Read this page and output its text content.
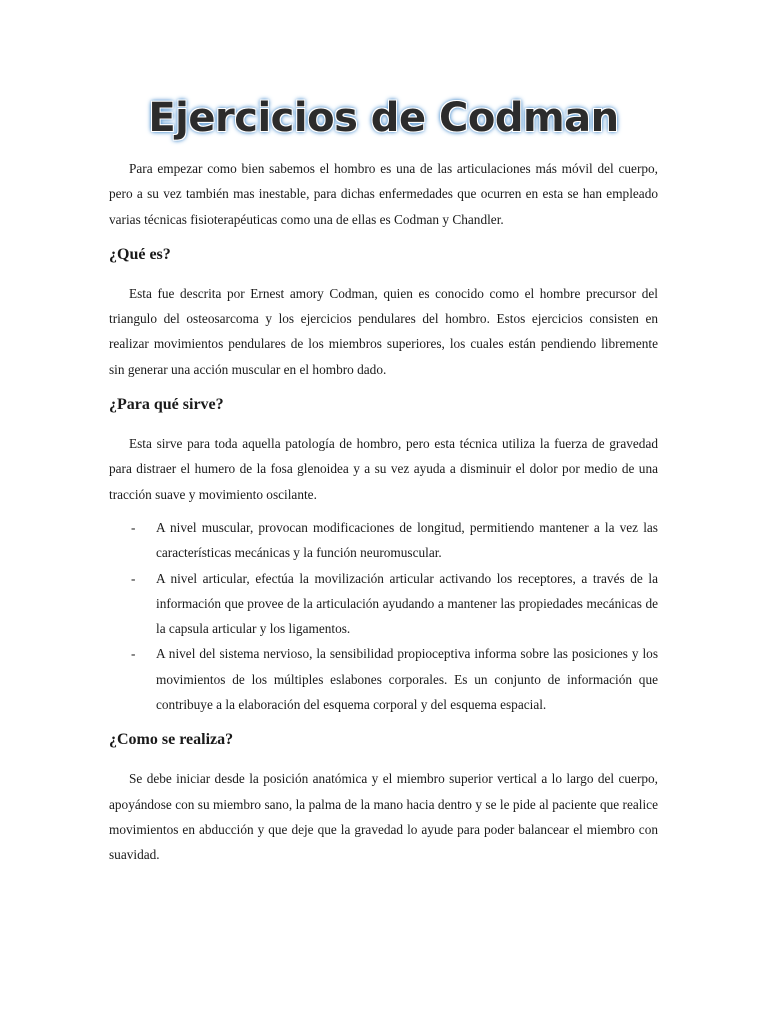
Ejercicios de Codman

Para empezar como bien sabemos el hombro es una de las articulaciones más móvil del cuerpo, pero a su vez también mas inestable, para dichas enfermedades que ocurren en esta se han empleado varias técnicas fisioterapéuticas como una de ellas es Codman y Chandler.

¿Qué es?

Esta fue descrita por Ernest amory Codman, quien es conocido como el hombre precursor del triangulo del osteosarcoma y los ejercicios pendulares del hombro. Estos ejercicios consisten en realizar movimientos pendulares de los miembros superiores, los cuales están pendiendo libremente sin generar una acción muscular en el hombro dado.

¿Para qué sirve?

Esta sirve para toda aquella patología de hombro, pero esta técnica utiliza la fuerza de gravedad para distraer el humero de la fosa glenoidea y a su vez ayuda a disminuir el dolor por medio de una tracción suave y movimiento oscilante.

- A nivel muscular, provocan modificaciones de longitud, permitiendo mantener a la vez las características mecánicas y la función neuromuscular.
- A nivel articular, efectúa la movilización articular activando los receptores, a través de la información que provee de la articulación ayudando a mantener las propiedades mecánicas de la capsula articular y los ligamentos.
- A nivel del sistema nervioso, la sensibilidad propioceptiva informa sobre las posiciones y los movimientos de los múltiples eslabones corporales. Es un conjunto de información que contribuye a la elaboración del esquema corporal y del esquema espacial.
¿Como se realiza?

Se debe iniciar desde la posición anatómica y el miembro superior vertical a lo largo del cuerpo, apoyándose con su miembro sano, la palma de la mano hacia dentro y se le pide al paciente que realice movimientos en abducción y que deje que la gravedad lo ayude para poder balancear el miembro con suavidad.
